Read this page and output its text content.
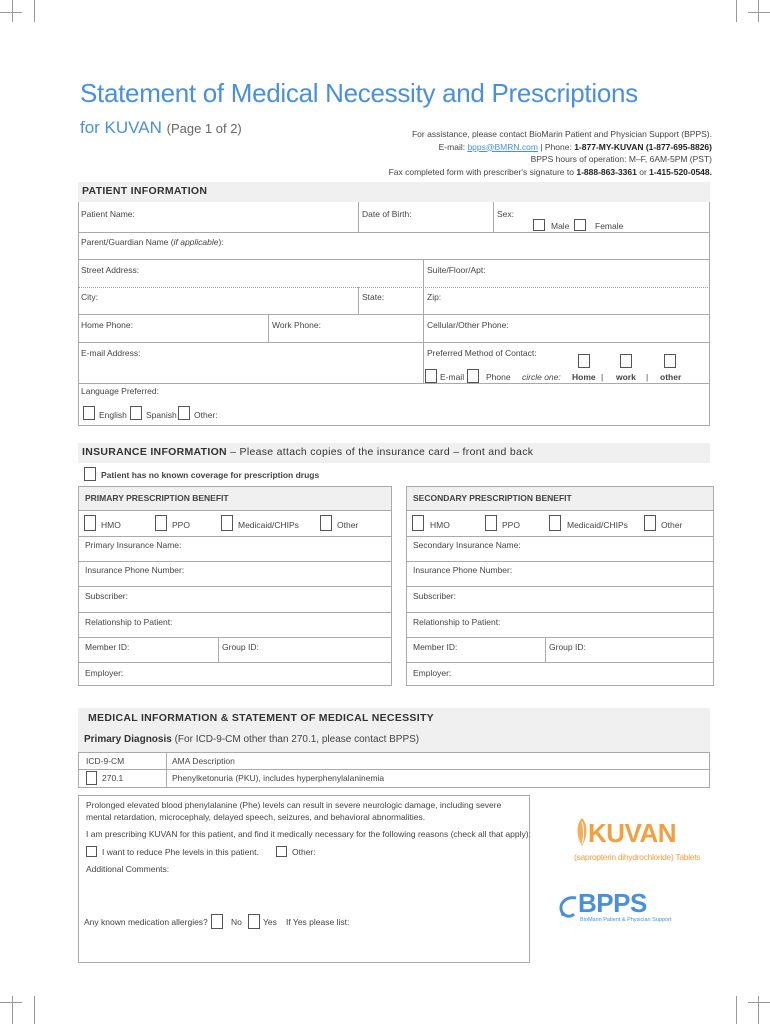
Statement of Medical Necessity and Prescriptions
for KUVAN (Page 1 of 2)	For assistance, please contact BioMarin Patient and Physician Support (BPPS).
E-mail: bpps@BMRN.com | Phone: 1-877-MY-KUVAN (1-877-695-8826)
BPPS hours of operation: M–F, 6AM-5PM (PST)
Fax completed form with prescriber's signature to 1-888-863-3361 or 1-415-520-0548.
PATIENT INFORMATION
Patient Name:	Date of Birth:	Sex:
Male	Female
Parent/Guardian Name (if applicable):
Street Address:	Suite/Floor/Apt:
City:	State:	Zip:
Home Phone:	Work Phone:	Cellular/Other Phone:
E-mail Address:	Preferred Method of Contact:
E-mail	Phone circle one: Home | work | other
Language Preferred:
English Spanish Other:
INSURANCE INFORMATION – Please attach copies of the insurance card – front and back
Patient has no known coverage for prescription drugs
PRIMARY PRESCRIPTION BENEFIT
HMO	PPO	Medicaid/CHIPs	Other
Primary Insurance Name:
Insurance Phone Number:
Subscriber:
Relationship to Patient:
Member ID:	Group ID:
Employer:
SECONDARY PRESCRIPTION BENEFIT
HMO	PPO	Medicaid/CHIPs	Other
Secondary Insurance Name:
Insurance Phone Number:
Subscriber:
Relationship to Patient:
Member ID:	Group ID:
Employer:
MEDICAL INFORMATION & STATEMENT OF MEDICAL NECESSITY
Primary Diagnosis (For ICD-9-CM other than 270.1, please contact BPPS)
ICD-9-CM	AMA Description
270.1	Phenylketonuria (PKU), includes hyperphenylalaninemia
Prolonged elevated blood phenylalanine (Phe) levels can result in severe neurologic damage, including severe mental retardation, microcephaly, delayed speech, seizures, and behavioral abnormalities.
I am prescribing KUVAN for this patient, and find it medically necessary for the following reasons (check all that apply):
I want to reduce Phe levels in this patient.	Other:
Additional Comments:
Any known medication allergies?	No Yes If Yes please list:
KUVAN
(sapropterin dihydrochloride) Tablets
BPPS
BioMarin Patient & Physician Support
